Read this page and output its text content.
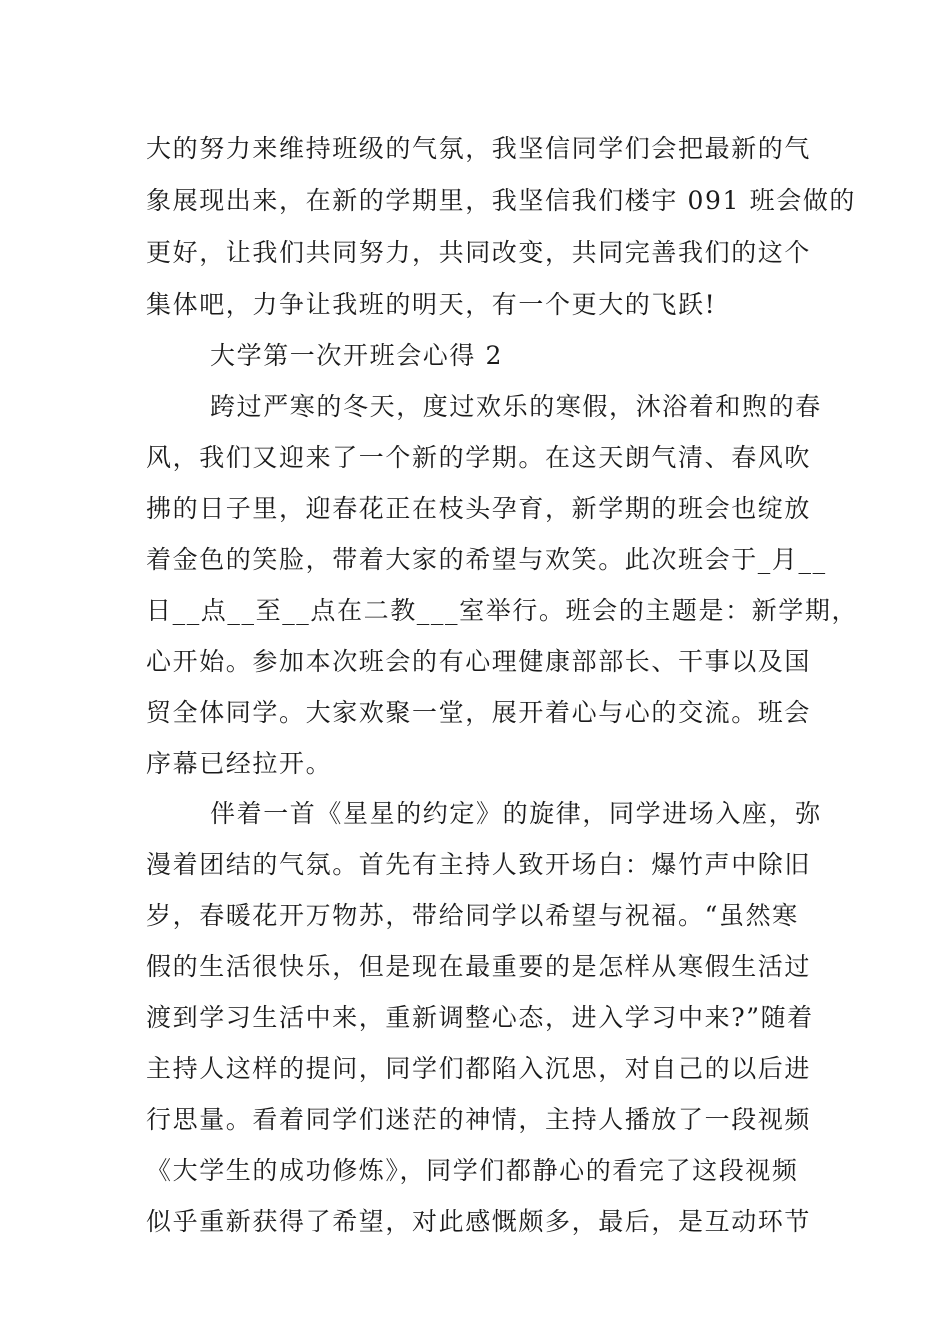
大的努力来维持班级的气氛，我坚信同学们会把最新的气
象展现出来，在新的学期里，我坚信我们楼宇 091 班会做的
更好，让我们共同努力，共同改变，共同完善我们的这个
集体吧，力争让我班的明天，有一个更大的飞跃!
大学第一次开班会心得 2
跨过严寒的冬天，度过欢乐的寒假，沐浴着和煦的春
风，我们又迎来了一个新的学期。在这天朗气清、春风吹
拂的日子里，迎春花正在枝头孕育，新学期的班会也绽放
着金色的笑脸，带着大家的希望与欢笑。此次班会于_月__
日__点__至__点在二教___室举行。班会的主题是：新学期，
心开始。参加本次班会的有心理健康部部长、干事以及国
贸全体同学。大家欢聚一堂，展开着心与心的交流。班会
序幕已经拉开。
伴着一首《星星的约定》的旋律，同学进场入座，弥
漫着团结的气氛。首先有主持人致开场白：爆竹声中除旧
岁，春暖花开万物苏，带给同学以希望与祝福。“虽然寒
假的生活很快乐，但是现在最重要的是怎样从寒假生活过
渡到学习生活中来，重新调整心态，进入学习中来?”随着
主持人这样的提问，同学们都陷入沉思，对自己的以后进
行思量。看着同学们迷茫的神情，主持人播放了一段视频
《大学生的成功修炼》，同学们都静心的看完了这段视频
似乎重新获得了希望，对此感慨颇多，最后，是互动环节
